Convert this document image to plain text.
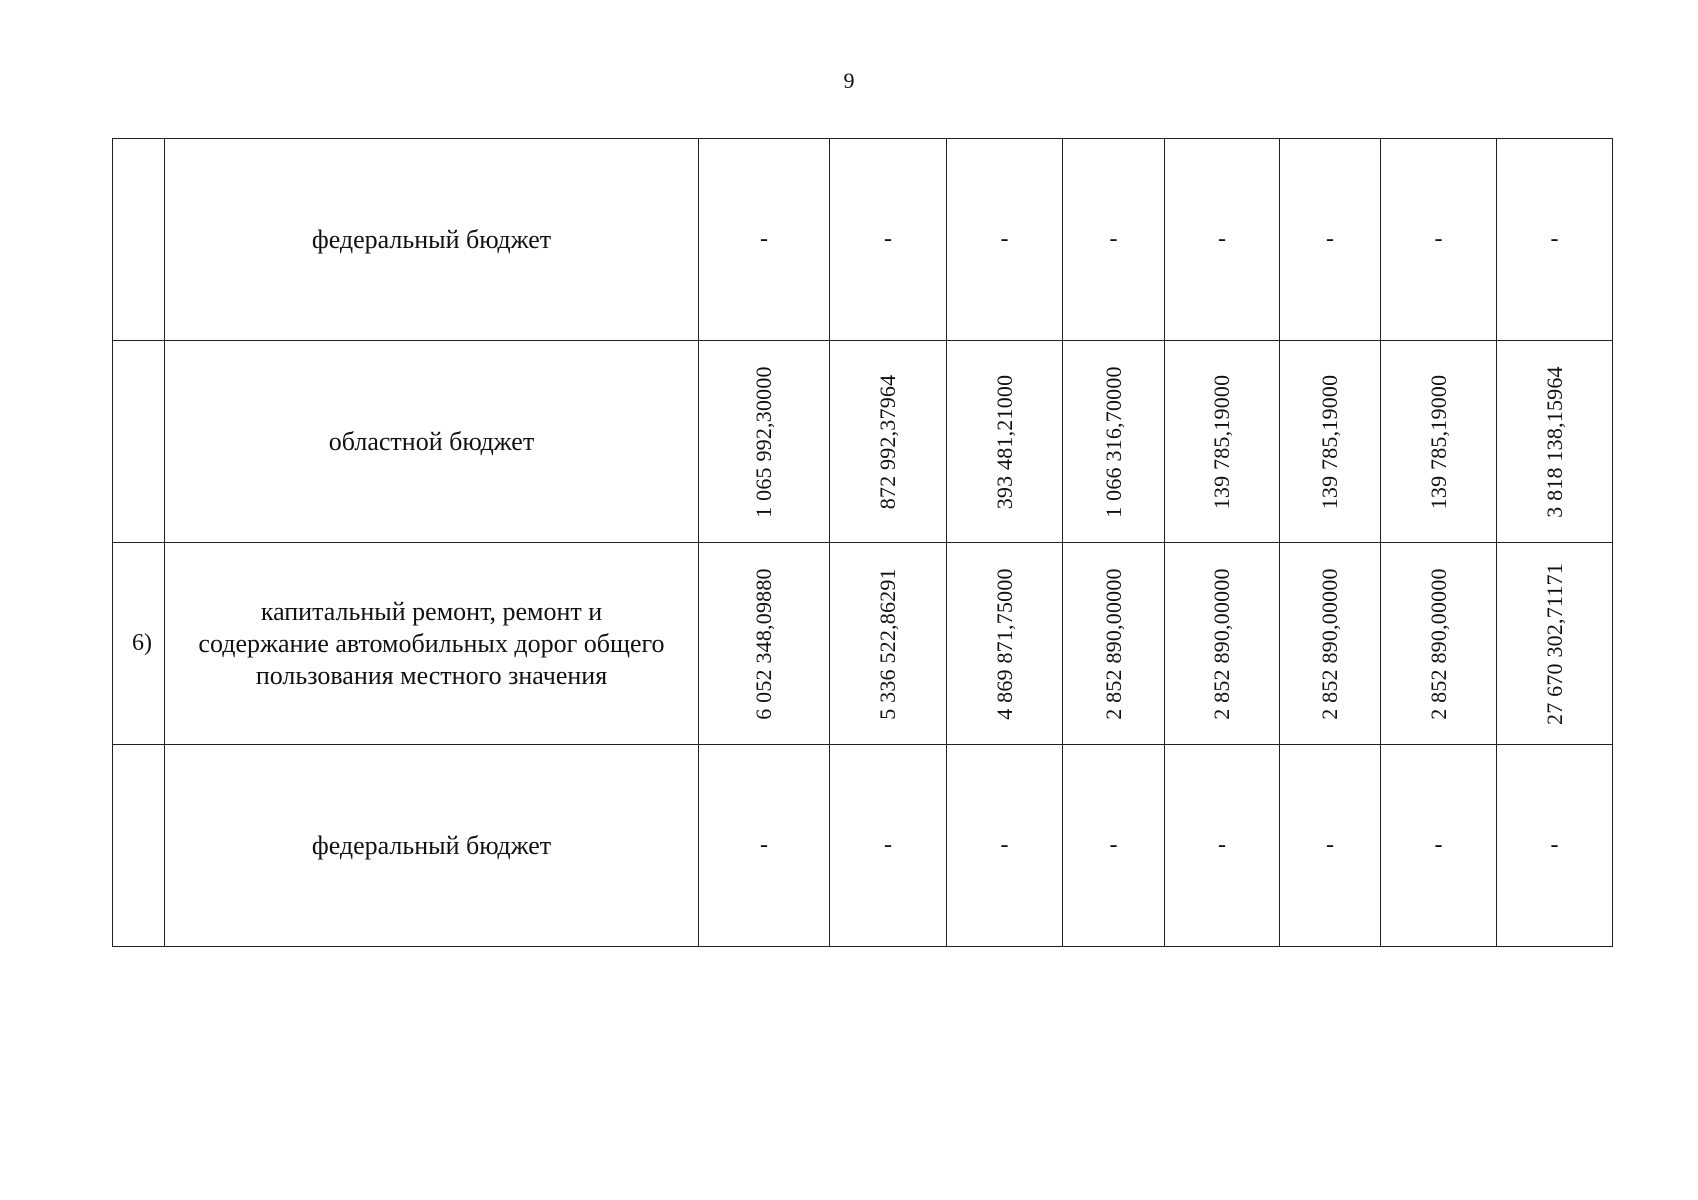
9
	федеральный бюджет	-	-	-	-	-	-	-	-
	областной бюджет	1 065 992,30000	872 992,37964	393 481,21000	1 066 316,70000	139 785,19000	139 785,19000	139 785,19000	3 818 138,15964

6)	капитальный ремонт, ремонт и
содержание автомобильных дорог общего
пользования местного значения	6 052 348,09880	5 336 522,86291	4 869 871,75000	2 852 890,00000	2 852 890,00000	2 852 890,00000	2 852 890,00000	27 670 302,71171

	федеральный бюджет	-	-	-	-	-	-	-	-
